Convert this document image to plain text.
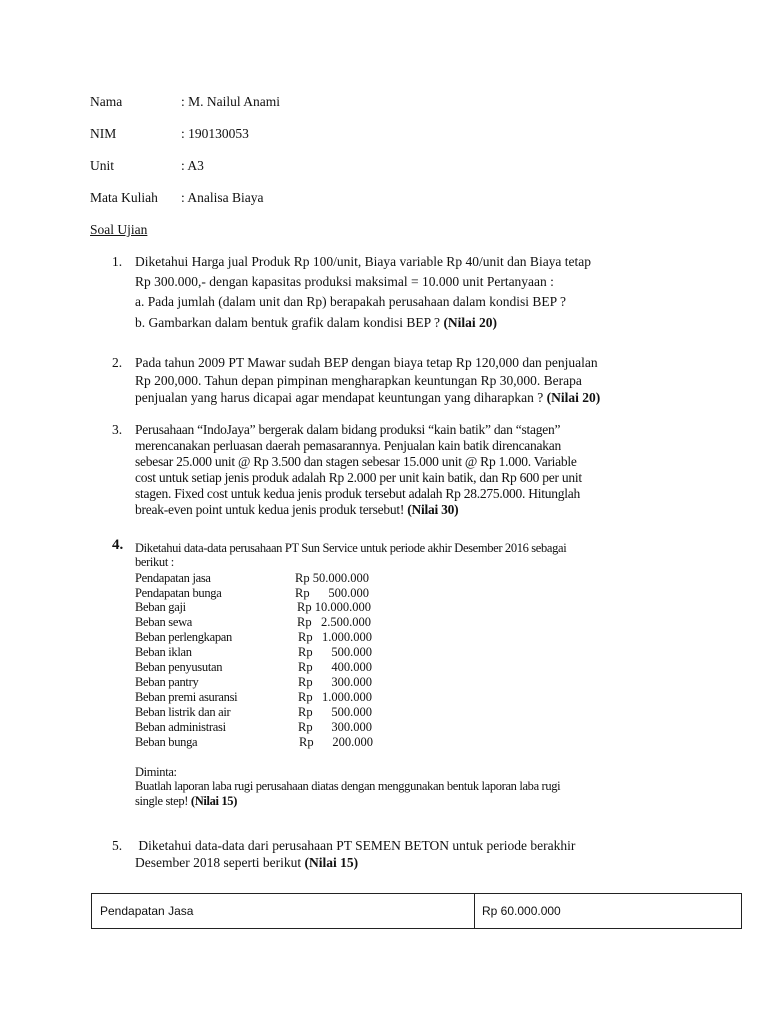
Nama	: M. Nailul Anami
NIM	: 190130053
Unit	: A3
Mata Kuliah : Analisa Biaya
Soal Ujian
1. Diketahui Harga jual Produk Rp 100/unit, Biaya variable Rp 40/unit dan Biaya tetap
Rp 300.000,- dengan kapasitas produksi maksimal = 10.000 unit Pertanyaan :
a. Pada jumlah (dalam unit dan Rp) berapakah perusahaan dalam kondisi BEP ?
b. Gambarkan dalam bentuk grafik dalam kondisi BEP ? (Nilai 20)
2. Pada tahun 2009 PT Mawar sudah BEP dengan biaya tetap Rp 120,000 dan penjualan
Rp 200,000. Tahun depan pimpinan mengharapkan keuntungan Rp 30,000. Berapa
penjualan yang harus dicapai agar mendapat keuntungan yang diharapkan ? (Nilai 20)
3. Perusahaan “IndoJaya” bergerak dalam bidang produksi “kain batik” dan “stagen”
merencanakan perluasan daerah pemasarannya. Penjualan kain batik direncanakan
sebesar 25.000 unit @ Rp 3.500 dan stagen sebesar 15.000 unit @ Rp 1.000. Variable
cost untuk setiap jenis produk adalah Rp 2.000 per unit kain batik, dan Rp 600 per unit
stagen. Fixed cost untuk kedua jenis produk tersebut adalah Rp 28.275.000. Hitunglah
break-even point untuk kedua jenis produk tersebut! (Nilai 30)
4. Diketahui data-data perusahaan PT Sun Service untuk periode akhir Desember 2016 sebagai
berikut :
Pendapatan jasa	Rp 50.000.000
Pendapatan bunga	Rp      500.000
Beban gaji	Rp 10.000.000
Beban sewa	Rp   2.500.000
Beban perlengkapan	Rp   1.000.000
Beban iklan	Rp      500.000
Beban penyusutan	Rp      400.000
Beban pantry	Rp      300.000
Beban premi asuransi	Rp   1.000.000
Beban listrik dan air	Rp      500.000
Beban administrasi	Rp      300.000
Beban bunga	Rp      200.000
Diminta:
Buatlah laporan laba rugi perusahaan diatas dengan menggunakan bentuk laporan laba rugi
single step! (Nilai 15)
5. Diketahui data-data dari perusahaan PT SEMEN BETON untuk periode berakhir
Desember 2018 seperti berikut (Nilai 15)
Pendapatan Jasa	Rp 60.000.000
